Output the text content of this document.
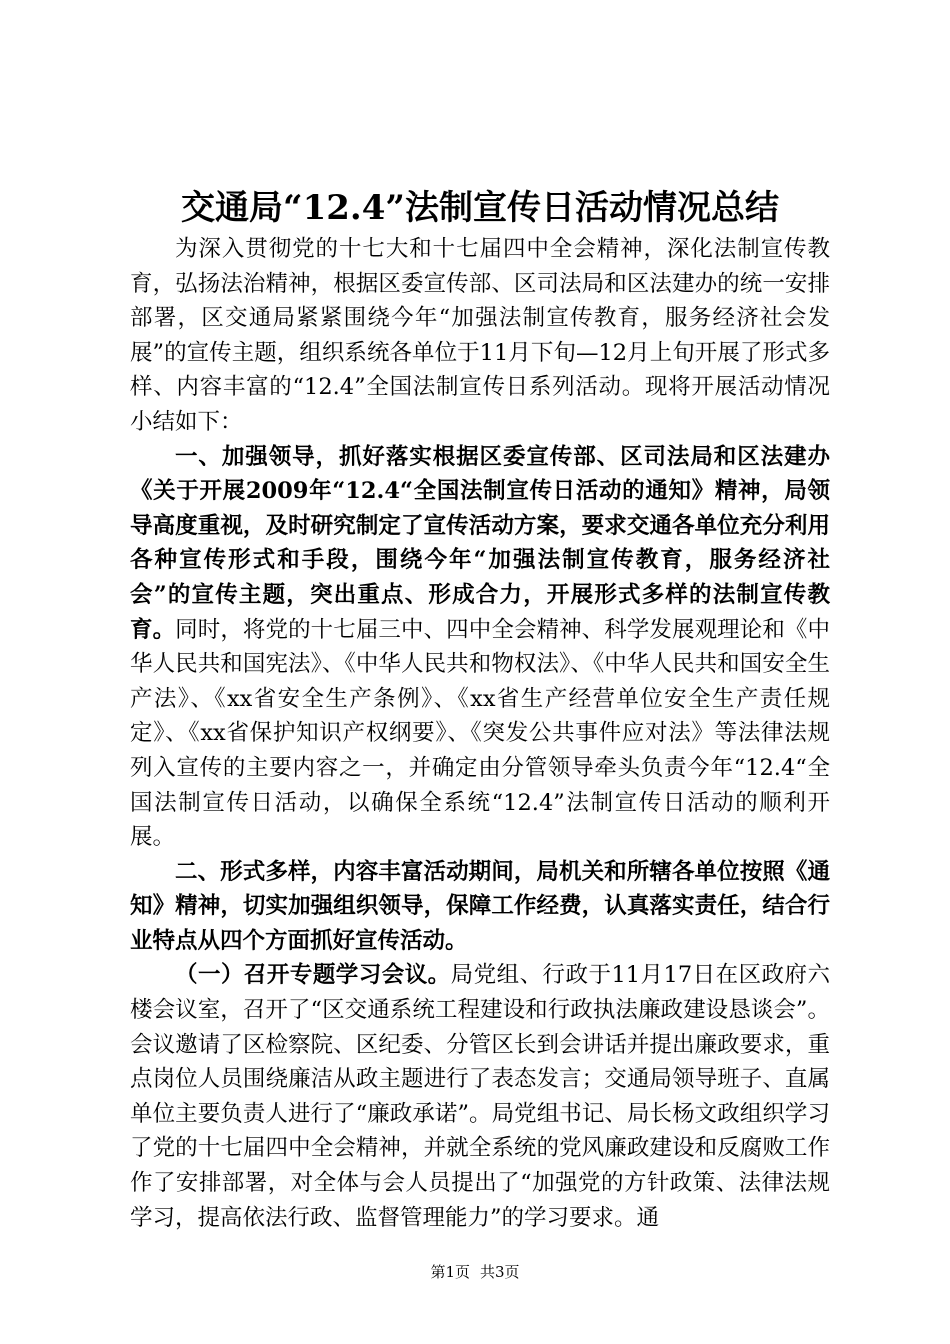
交通局“12.4”法制宣传日活动情况总结

为深入贯彻党的十七大和十七届四中全会精神，深化法制宣传教育，弘扬法治精神，根据区委宣传部、区司法局和区法建办的统一安排部署，区交通局紧紧围绕今年“加强法制宣传教育，服务经济社会发展”的宣传主题，组织系统各单位于11月下旬—12月上旬开展了形式多样、内容丰富的“12.4”全国法制宣传日系列活动。现将开展活动情况小结如下：

一、加强领导，抓好落实根据区委宣传部、区司法局和区法建办《关于开展2009年“12.4“全国法制宣传日活动的通知》精神，局领导高度重视，及时研究制定了宣传活动方案，要求交通各单位充分利用各种宣传形式和手段，围绕今年“加强法制宣传教育，服务经济社会”的宣传主题，突出重点、形成合力，开展形式多样的法制宣传教育。同时，将党的十七届三中、四中全会精神、科学发展观理论和《中华人民共和国宪法》、《中华人民共和物权法》、《中华人民共和国安全生产法》、《xx省安全生产条例》、《xx省生产经营单位安全生产责任规定》、《xx省保护知识产权纲要》、《突发公共事件应对法》等法律法规列入宣传的主要内容之一，并确定由分管领导牵头负责今年“12.4“全国法制宣传日活动，以确保全系统“12.4”法制宣传日活动的顺利开展。

二、形式多样，内容丰富活动期间，局机关和所辖各单位按照《通知》精神，切实加强组织领导，保障工作经费，认真落实责任，结合行业特点从四个方面抓好宣传活动。

（一）召开专题学习会议。局党组、行政于11月17日在区政府六楼会议室，召开了“区交通系统工程建设和行政执法廉政建设恳谈会”。会议邀请了区检察院、区纪委、分管区长到会讲话并提出廉政要求，重点岗位人员围绕廉洁从政主题进行了表态发言；交通局领导班子、直属单位主要负责人进行了“廉政承诺”。局党组书记、局长杨文政组织学习了党的十七届四中全会精神，并就全系统的党风廉政建设和反腐败工作作了安排部署，对全体与会人员提出了“加强党的方针政策、法律法规学习，提高依法行政、监督管理能力”的学习要求。通

第1页 共3页
